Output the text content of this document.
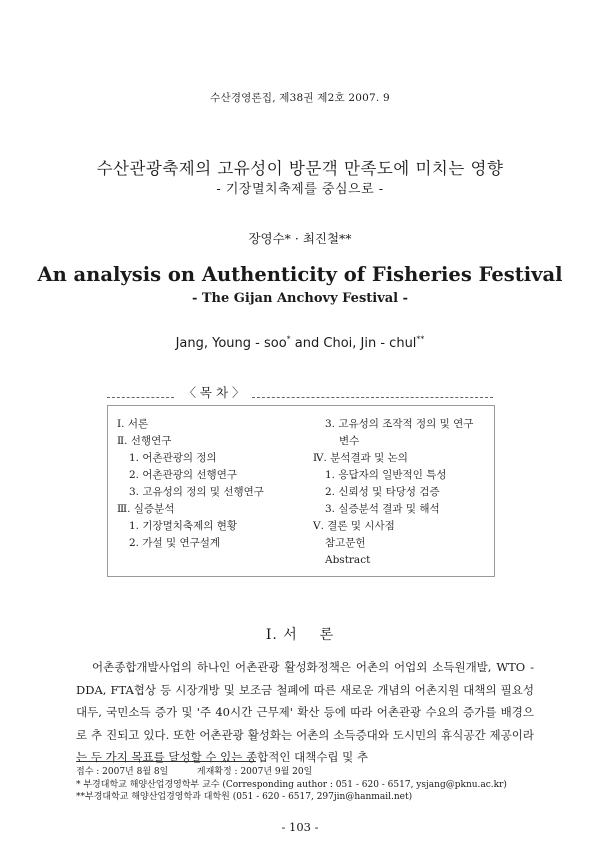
수산경영론집, 제38권 제2호 2007. 9
수산관광축제의 고유성이 방문객 만족도에 미치는 영향
- 기장멸치축제를 중심으로 -
장영수* · 최진철**
An analysis on Authenticity of Fisheries Festival
- The Gijan Anchovy Festival -
Jang, Young - soo* and Choi, Jin - chul**
〈 목 차 〉
Ⅰ. 서론
Ⅱ. 선행연구
1. 어촌관광의 정의
2. 어촌관광의 선행연구
3. 고유성의 정의 및 선행연구
Ⅲ. 실증분석
1. 기장멸치축제의 현황
2. 가설 및 연구설계
3. 고유성의 조작적 정의 및 연구
변수
Ⅳ. 분석결과 및 논의
1. 응답자의 일반적인 특성
2. 신뢰성 및 타당성 검증
3. 실증분석 결과 및 해석
Ⅴ. 결론 및 시사점
참고문헌
Abstract
Ⅰ. 서    론

어촌종합개발사업의 하나인 어촌관광 활성화정책은 어촌의 어업외 소득원개발, WTO - DDA, FTA협상 등 시장개방 및 보조금 철폐에 따른 새로운 개념의 어촌지원 대책의 필요성 대두, 국민소득 증가 및 '주 40시간 근무제' 확산 등에 따라 어촌관광 수요의 증가를 배경으로 추 진되고 있다. 또한 어촌관광 활성화는 어촌의 소득증대와 도시민의 휴식공간 제공이라는 두 가지 목표를 달성할 수 있는 종합적인 대책수립 및 추

접수 : 2007년 8월 8일          게재확정 : 2007년 9월 20일
* 부경대학교 해양산업경영학부 교수 (Corresponding author : 051 - 620 - 6517, ysjang@pknu.ac.kr)
**부경대학교 해양산업경영학과 대학원 (051 - 620 - 6517, 297jin@hanmail.net)
- 103 -
